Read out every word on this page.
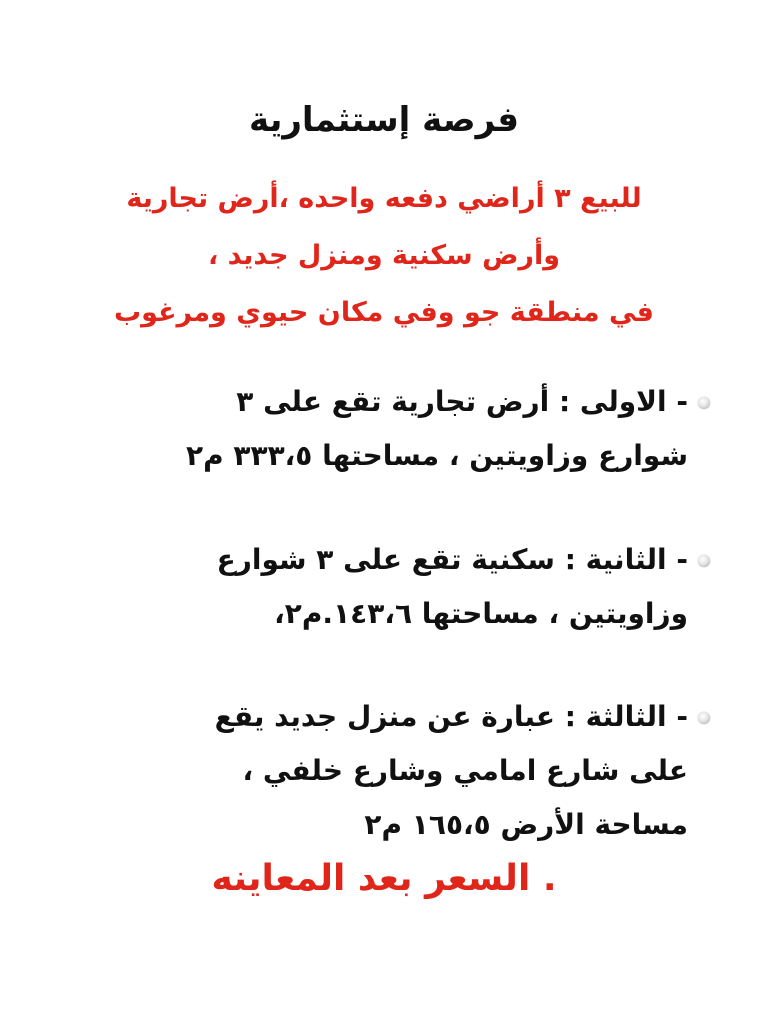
فرصة إستثمارية
للبيع ٣ أراضي دفعه واحده ،أرض تجارية
وأرض سكنية ومنزل جديد ،
في منطقة جو وفي مكان حيوي ومرغوب
- الاولى : أرض تجارية تقع على ٣
شوارع وزاويتين ، مساحتها ٣٣٣،٥ م٢
- الثانية : سكنية تقع على ٣ شوارع
وزاويتين ، مساحتها ١٤٣،٦.م٢،
- الثالثة : عبارة عن منزل جديد يقع
على شارع امامي وشارع خلفي ،
مساحة الأرض ١٦٥،٥ م٢
. السعر بعد المعاينه
